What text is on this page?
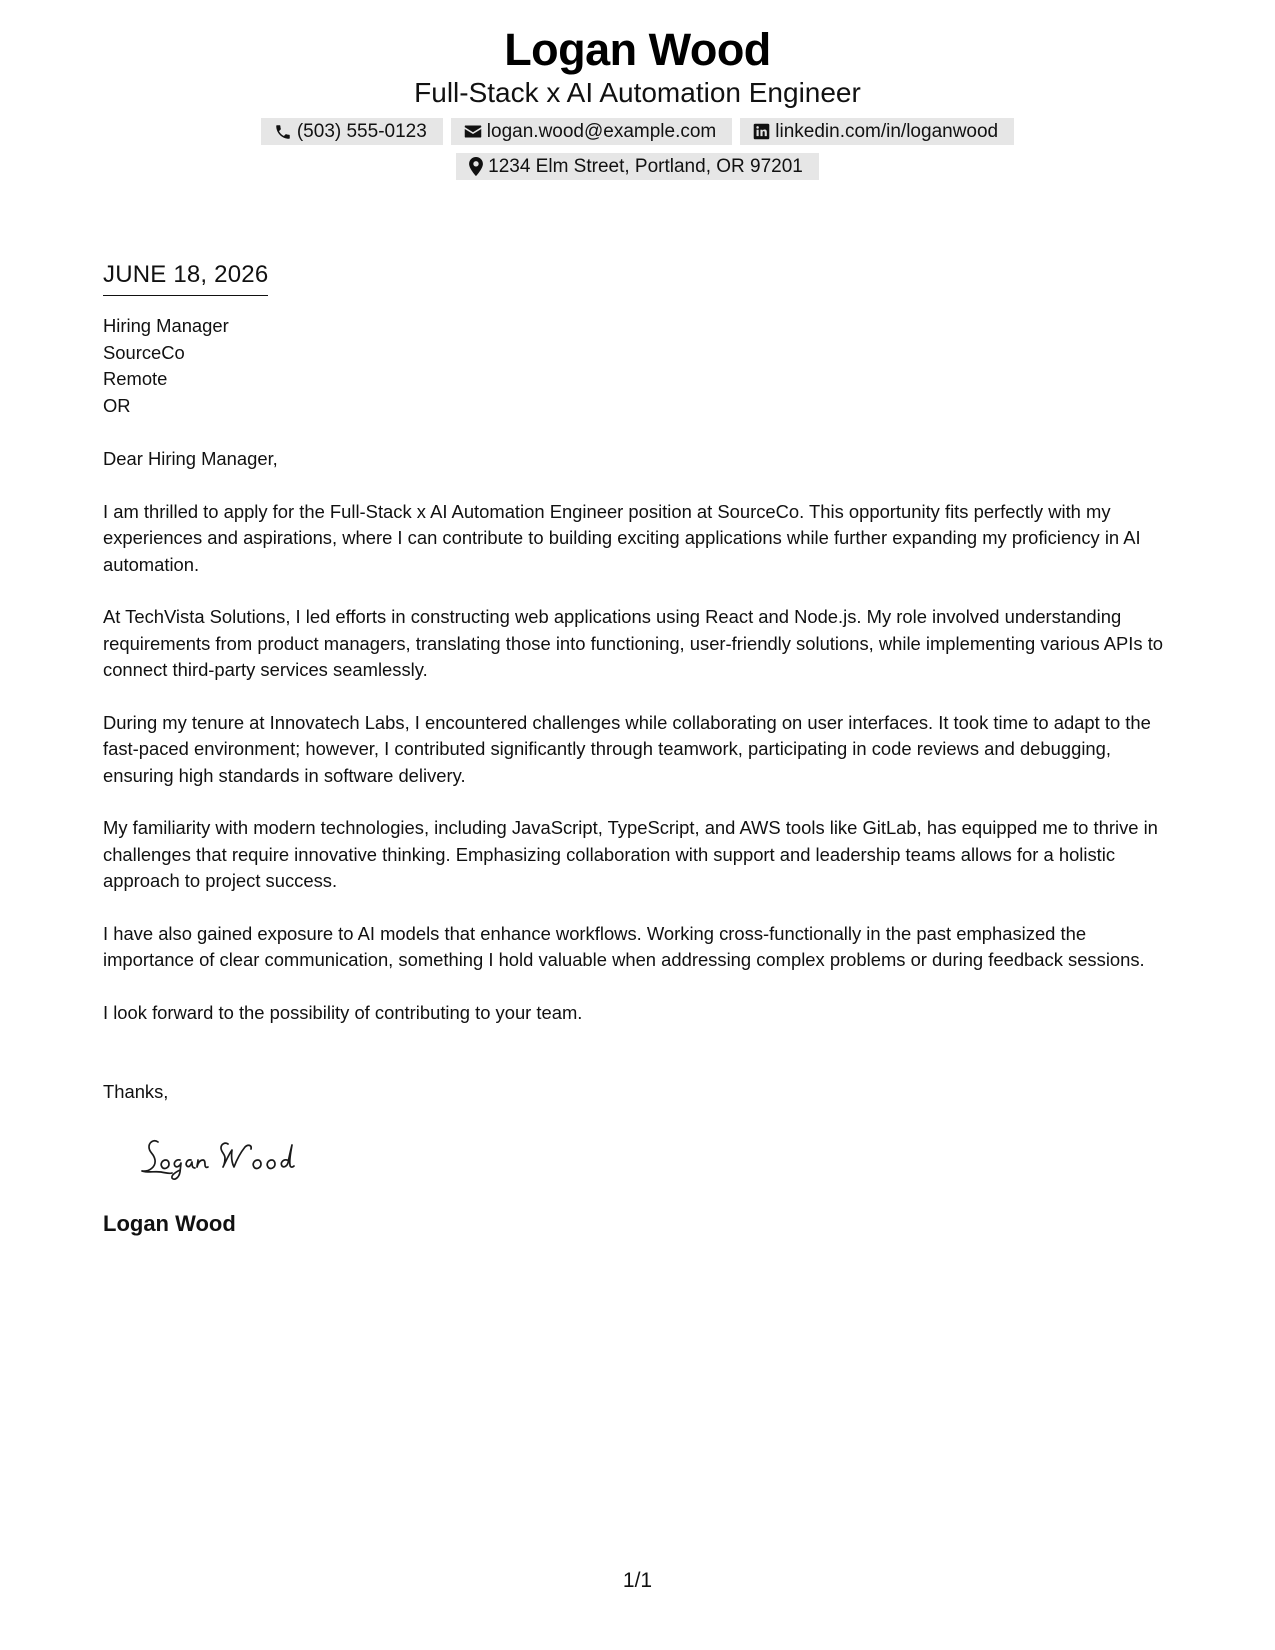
Logan Wood
Full-Stack x AI Automation Engineer
(503) 555-0123	logan.wood@example.com	linkedin.com/in/loganwood
1234 Elm Street, Portland, OR 97201
JUNE 18, 2026
Hiring Manager
SourceCo
Remote
OR
Dear Hiring Manager,

I am thrilled to apply for the Full-Stack x AI Automation Engineer position at SourceCo. This opportunity fits perfectly with my experiences and aspirations, where I can contribute to building exciting applications while further expanding my proficiency in AI automation.

At TechVista Solutions, I led efforts in constructing web applications using React and Node.js. My role involved understanding requirements from product managers, translating those into functioning, user-friendly solutions, while implementing various APIs to connect third-party services seamlessly.

During my tenure at Innovatech Labs, I encountered challenges while collaborating on user interfaces. It took time to adapt to the fast-paced environment; however, I contributed significantly through teamwork, participating in code reviews and debugging, ensuring high standards in software delivery.

My familiarity with modern technologies, including JavaScript, TypeScript, and AWS tools like GitLab, has equipped me to thrive in challenges that require innovative thinking. Emphasizing collaboration with support and leadership teams allows for a holistic approach to project success.

I have also gained exposure to AI models that enhance workflows. Working cross-functionally in the past emphasized the importance of clear communication, something I hold valuable when addressing complex problems or during feedback sessions.

I look forward to the possibility of contributing to your team.

Thanks,
Logan Wood
1/1
